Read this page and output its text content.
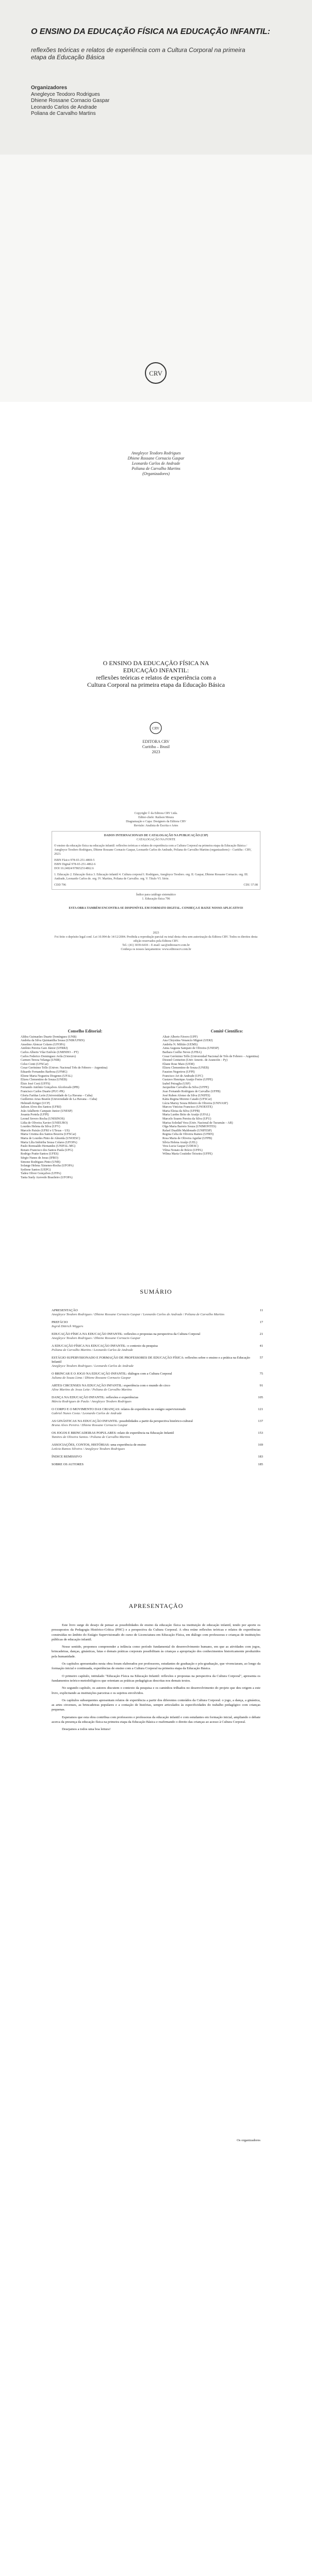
O ENSINO DA EDUCAÇÃO FÍSICA NA EDUCAÇÃO INFANTIL:
reflexões teóricas e relatos de experiência com a Cultura Corporal na primeira etapa da Educação Básica
Organizadores
Anegleyce Teodoro Rodrigues
Dhiene Rossane Cornacio Gaspar
Leonardo Carlos de Andrade
Poliana de Carvalho Martins
CRV
Anegleyce Teodoro Rodrigues
Dhiene Rossane Cornacio Gaspar
Leonardo Carlos de Andrade
Poliana de Carvalho Martins
(Organizadores)
O ENSINO DA EDUCAÇÃO FÍSICA NA EDUCAÇÃO INFANTIL:
reflexões teóricas e relatos de experiência com a Cultura Corporal na primeira etapa da Educação Básica
CRV
EDITORA CRV
Curitiba – Brasil
2023
Copyright © da Editora CRV Ltda.
Editor-chefe: Railson Moura
Diagramação e Capa: Designers da Editora CRV
Revisão: Analista de Escrita e Artes
DADOS INTERNACIONAIS DE CATALOGAÇÃO NA PUBLICAÇÃO (CIP)
CATALOGAÇÃO NA FONTE
O ensino da educação física na educação infantil: reflexões teóricas e relatos de experiência com a Cultura Corporal na primeira etapa da Educação Básica / Anegleyce Teodoro Rodrigues, Dhiene Rossane Cornacio Gaspar, Leonardo Carlos de Andrade, Poliana de Carvalho Martins (organizadores) – Curitiba : CRV, 2023.
ISBN Físico 978-65-251-4869-5
ISBN Digital 978-65-251-4862-6
DOI 10.24824/978652514862.6
1. Educação 2. Educação física 3. Educação infantil 4. Cultura corporal I. Rodrigues, Anegleyce Teodoro. org. II. Gaspar, Dhiene Rossane Cornacio. org. III. Andrade, Leonardo Carlos de. org. IV. Martins, Poliana de Carvalho. org. V. Título VI. Série.
CDD 796	CDU 37.08
Índice para catálogo sistemático
1. Educação física 796
ESTA OBRA TAMBÉM ENCONTRA-SE DISPONÍVEL EM FORMATO DIGITAL. CONHEÇA E BAIXE NOSSO APLICATIVO!
2023
Foi feito o depósito legal conf. Lei 10.994 de 14/12/2004. Proibida a reprodução parcial ou total desta obra sem autorização da Editora CRV. Todos os direitos desta edição reservados pela Editora CRV.
Tel.: (41) 3039-6418 – E-mail: sac@editoracrv.com.br
Conheça os nossos lançamentos: www.editoracrv.com.br
Conselho Editorial:
Aldira Guimarães Duarte Domínguez (UNB)
Andréia da Silva Quintanilha Sousa (UNIR/UFRN)
Anselmo Alencar Colares (UFOPA)
Antônio Pereira Gaio Júnior (UFRRJ)
Carlos Alberto Vilar Estêvão (UMINHO – PT)
Carlos Federico Dominguez Avila (Unieuro)
Carmen Tereza Velanga (UNIR)
Celso Conti (UFSCar)
Cesar Gerónimo Tello (Univer. Nacional Três de Febrero – Argentina)
Eduardo Fernandes Barbosa (UFMG)
Elione Maria Nogueira Diogenes (UFAL)
Elizeu Clementino de Souza (UNEB)
Élsio José Corá (UFFS)
Fernando Antônio Gonçalves Alcoforado (IPB)
Francisco Carlos Duarte (PUC-PR)
Gloria Fariñas León (Universidade de La Havana – Cuba)
Guillermo Arias Beatón (Universidade de La Havana – Cuba)
Helmuth Krüger (UCP)
Jailson Alves dos Santos (UFRJ)
João Adalberto Campato Junior (UNESP)
Josania Portela (UFPI)
Leonel Severo Rocha (UNISINOS)
Lídia de Oliveira Xavier (UNIEURO)
Lourdes Helena da Silva (UFV)
Marcelo Paixão (UFRJ e UTexas – US)
Maria Cristina dos Santos Bezerra (UFSCar)
Maria de Lourdes Pinto de Almeida (UNOESC)
Maria Lília Imbiriba Sousa Colares (UFOPA)
Paulo Romualdo Hernandes (UNIFAL-MG)
Renato Francisco dos Santos Paula (UFG)
Rodrigo Pratte-Santos (UFES)
Sérgio Nunes de Jesus (IFRO)
Simone Rodrigues Pinto (UNB)
Solange Helena Ximenes-Rocha (UFOPA)
Sydione Santos (UEPG)
Tadeu Oliver Gonçalves (UFPA)
Tania Suely Azevedo Brasileiro (UFOPA)
Comitê Científico:
Altair Alberto Fávero (UPF)
Ana Chrystina Venancio Mignot (UERJ)
Andréia N. Militão (UEMS)
Anna Augusta Sampaio de Oliveira (UNESP)
Barbara Coelho Neves (UFBA)
Cesar Gerónimo Tello (Universidad Nacional de Três de Febrero – Argentina)
Diosnel Centurion (Univ Americ. de Asunción – Py)
Eliane Rose Maio (UEM)
Elizeu Clementino de Souza (UNEB)
Fauston Negreiros (UFPI)
Francisco Ari de Andrade (UFC)
Gustavo Henrique Araújo Freire (UFPE)
Izabel Petraglia (USP)
Jacqueline Carvalho da Silva (UFPE)
Joao Fernando Rodrigues de Carvalho (UFPB)
José Ruben Afonso da Silva (UNIFEI)
Kátia Regina Moreno Caiado (UFSCar)
Lúcia Marisy Souza Ribeiro de Oliveira (UNIVASF)
Marcos Vinicius Francisco (UNOESTE)
Maria Eloisa da Silva (UFPB)
Maria Lurdes Brito de Araújo (UFAL)
Marcelo Soares Pereira da Silva (UFU)
Marisa Soledad Vera (Univ. Nacional de Tucumán – AR)
Olga Maria Barreto Souza (UNIMONTES)
Rafael Duailibi Maldonado (UNIFESP)
Regina Celia de Oliveira Ramos (UFRN)
Rosa Maria de Oliveira Aguilar (UFPB)
Sílvia Helena Araújo (UEL)
Vera Lucia Gaspar (UDESC)
Vilma Nonato de Brício (UFPA)
Wilma Maria Coutinho Teixeira (UFPE)
SUMÁRIO
APRESENTAÇÃO
Anegleyce Teodoro Rodrigues / Dhiene Rossane Cornacio Gaspar / Leonardo Carlos de Andrade / Poliana de Carvalho Martins
11
PREFÁCIO
Ingrid Dittrich Wiggers
17
EDUCAÇÃO FÍSICA NA EDUCAÇÃO INFANTIL: reflexões e propostas na perspectiva da Cultura Corporal
Anegleyce Teodoro Rodrigues / Dhiene Rossane Cornacio Gaspar
21
A EDUCAÇÃO FÍSICA NA EDUCAÇÃO INFANTIL: o contexto da pesquisa
Poliana de Carvalho Martins / Leonardo Carlos de Andrade
41
ESTÁGIO SUPERVISIONADO E FORMAÇÃO DE PROFESSORES DE EDUCAÇÃO FÍSICA: reflexões sobre o ensino e a prática na Educação Infantil
Anegleyce Teodoro Rodrigues / Leonardo Carlos de Andrade
57
O BRINCAR E O JOGO NA EDUCAÇÃO INFANTIL: diálogos com a Cultura Corporal
Juliana de Souza Lima / Dhiene Rossane Cornacio Gaspar
75
ARTES CIRCENSES NA EDUCAÇÃO INFANTIL: experiência com o mundo do circo
Aline Martins de Jesus Leite / Poliana de Carvalho Martins
91
DANÇA NA EDUCAÇÃO INFANTIL: reflexões e experiências
Márcia Rodrigues de Paula / Anegleyce Teodoro Rodrigues
105
O CORPO E O MOVIMENTO DAS CRIANÇAS: relatos de experiência no estágio supervisionado
Gabriel Nunes Costa / Leonardo Carlos de Andrade
121
AS GINÁSTICAS NA EDUCAÇÃO INFANTIL: possibilidades a partir da perspectiva histórico-cultural
Bruna Alves Pereira / Dhiene Rossane Cornacio Gaspar
137
OS JOGOS E BRINCADEIRAS POPULARES: relato de experiência na Educação Infantil
Tamires de Oliveira Santos / Poliana de Carvalho Martins
153
ASSOCIAÇÕES, CONTOS, HISTÓRIAS: uma experiência de ensino
Letícia Ramos Silveira / Anegleyce Teodoro Rodrigues
169
ÍNDICE REMISSIVO	183
SOBRE OS AUTORES	185
APRESENTAÇÃO

Este livro surge do desejo de pensar as possibilidades de ensino da educação física na instituição de educação infantil, tendo por aporte os pressupostos da Pedagogia Histórico-Crítica (PHC) e a perspectiva da Cultura Corporal. A obra reúne reflexões teóricas e relatos de experiências construídas no âmbito do Estágio Supervisionado do curso de Licenciatura em Educação Física, em diálogo com professoras e crianças de instituições públicas de educação infantil.

Nesse sentido, propomos compreender a infância como período fundamental do desenvolvimento humano, em que as atividades com jogos, brincadeiras, danças, ginásticas, lutas e demais práticas corporais possibilitam às crianças a apropriação dos conhecimentos historicamente produzidos pela humanidade.

Os capítulos apresentados nesta obra foram elaborados por professores, estudantes de graduação e pós-graduação, que vivenciaram, ao longo da formação inicial e continuada, experiências de ensino com a Cultura Corporal na primeira etapa da Educação Básica.

O primeiro capítulo, intitulado "Educação Física na Educação Infantil: reflexões e propostas na perspectiva da Cultura Corporal", apresenta os fundamentos teórico-metodológicos que orientam as práticas pedagógicas descritas nos demais textos.

No segundo capítulo, os autores discutem o contexto da pesquisa e os caminhos trilhados no desenvolvimento do projeto que deu origem a este livro, explicitando as instituições parceiras e os sujeitos envolvidos.

Os capítulos subsequentes apresentam relatos de experiência a partir dos diferentes conteúdos da Cultura Corporal: o jogo, a dança, a ginástica, as artes circenses, as brincadeiras populares e a contação de histórias, sempre articulados às especificidades do trabalho pedagógico com crianças pequenas.

Esperamos que esta obra contribua com professores e professoras da educação infantil e com estudantes em formação inicial, ampliando o debate acerca da presença da educação física na primeira etapa da Educação Básica e reafirmando o direito das crianças ao acesso à Cultura Corporal.

Desejamos a todos uma boa leitura!

Os organizadores
